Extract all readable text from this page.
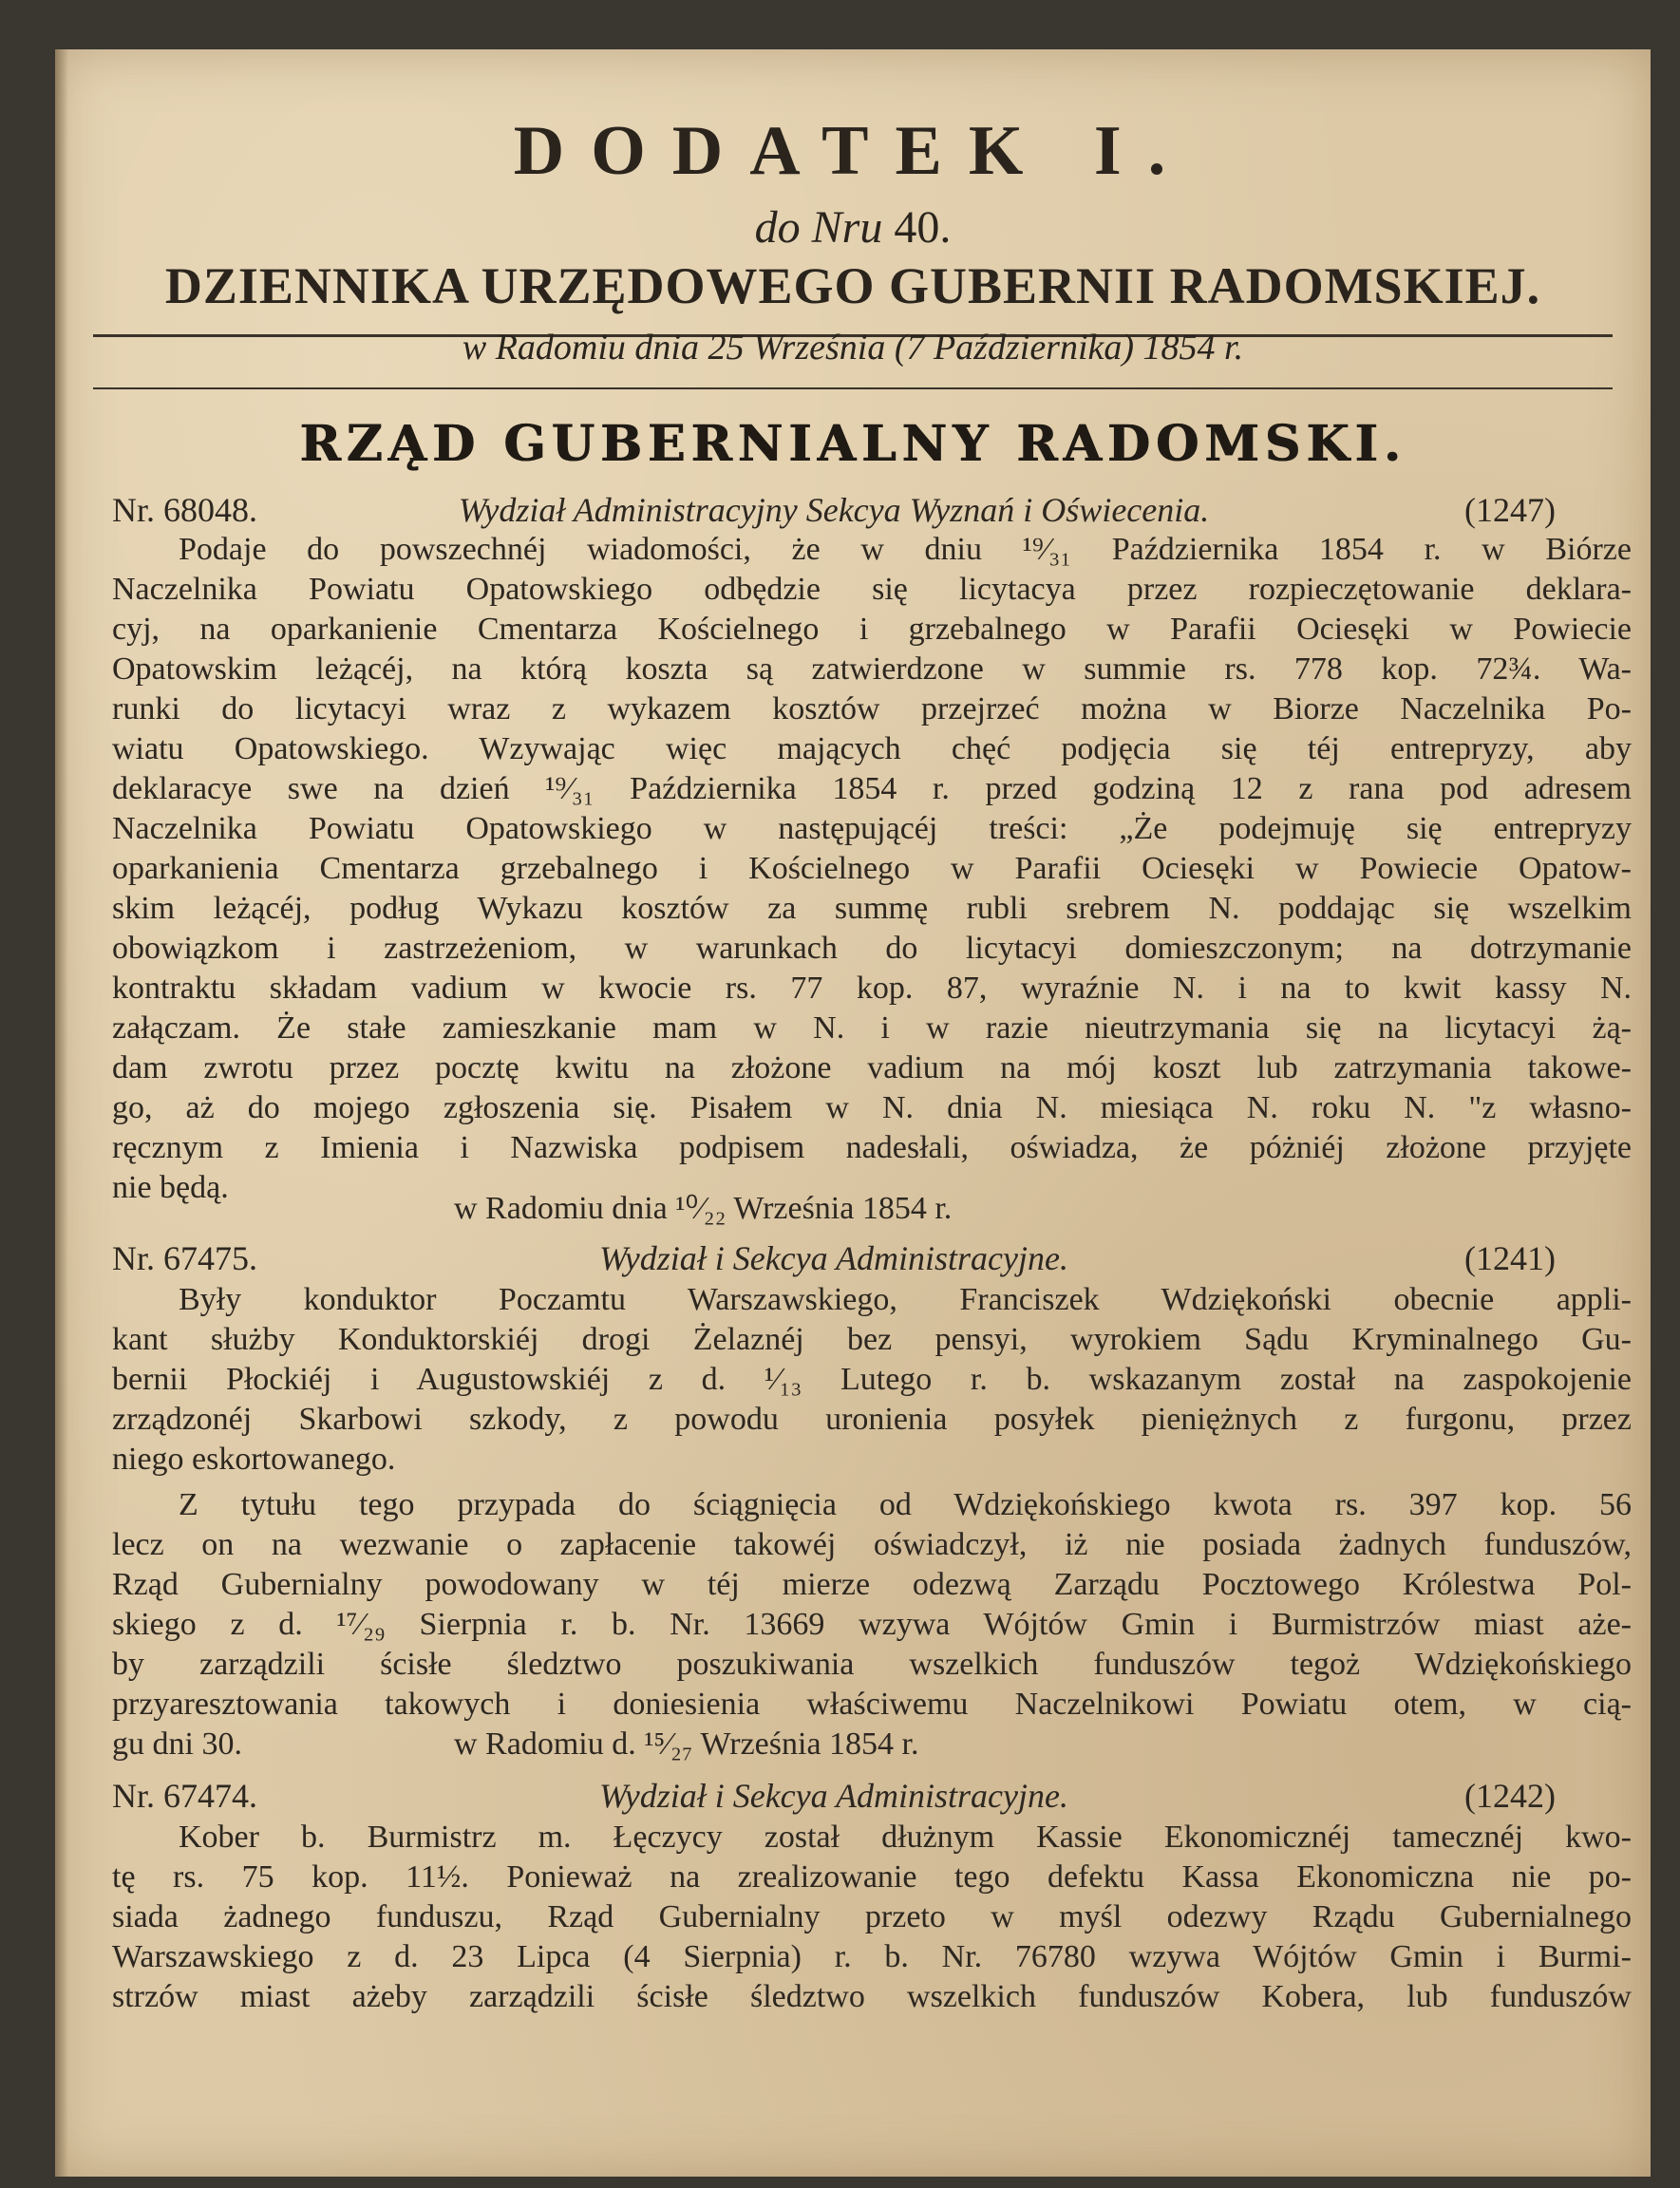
DODATEK I.
do Nru 40.
DZIENNIKA URZĘDOWEGO GUBERNII RADOMSKIEJ.
w Radomiu dnia 25 Września (7 Października) 1854 r.
RZĄD GUBERNIALNY RADOMSKI.
Nr. 68048.	Wydział Administracyjny Sekcya Wyznań i Oświecenia.	(1247)
Podaje do powszechnéj wiadomości, że w dniu ¹⁹⁄₃₁ Października 1854 r. w Biórze
Naczelnika Powiatu Opatowskiego odbędzie się licytacya przez rozpieczętowanie deklara-
cyj, na oparkanienie Cmentarza Kościelnego i grzebalnego w Parafii Ociesęki w Powiecie
Opatowskim leżącéj, na którą koszta są zatwierdzone w summie rs. 778 kop. 72¾. Wa-
runki do licytacyi wraz z wykazem kosztów przejrzeć można w Biorze Naczelnika Po-
wiatu Opatowskiego. Wzywając więc mających chęć podjęcia się téj entrepryzy, aby
deklaracye swe na dzień ¹⁹⁄₃₁ Października 1854 r. przed godziną 12 z rana pod adresem
Naczelnika Powiatu Opatowskiego w następującéj treści: „Że podejmuję się entrepryzy
oparkanienia Cmentarza grzebalnego i Kościelnego w Parafii Ociesęki w Powiecie Opatow-
skim leżącéj, podług Wykazu kosztów za summę rubli srebrem N. poddając się wszelkim
obowiązkom i zastrzeżeniom, w warunkach do licytacyi domieszczonym; na dotrzymanie
kontraktu składam vadium w kwocie rs. 77 kop. 87, wyraźnie N. i na to kwit kassy N.
załączam. Że stałe zamieszkanie mam w N. i w razie nieutrzymania się na licytacyi żą-
dam zwrotu przez pocztę kwitu na złożone vadium na mój koszt lub zatrzymania takowe-
go, aż do mojego zgłoszenia się. Pisałem w N. dnia N. miesiąca N. roku N. "z własno-
ręcznym z Imienia i Nazwiska podpisem nadesłali, oświadza, że póżniéj złożone przyjęte
nie będą.
w Radomiu dnia ¹⁰⁄₂₂ Września 1854 r.
Nr. 67475.	Wydział i Sekcya Administracyjne.	(1241)
Były konduktor Poczamtu Warszawskiego, Franciszek Wdziękoński obecnie appli-
kant służby Konduktorskiéj drogi Żelaznéj bez pensyi, wyrokiem Sądu Kryminalnego Gu-
bernii Płockiéj i Augustowskiéj z d. ¹⁄₁₃ Lutego r. b. wskazanym został na zaspokojenie
zrządzonéj Skarbowi szkody, z powodu uronienia posyłek pieniężnych z furgonu, przez
niego eskortowanego.
Z tytułu tego przypada do ściągnięcia od Wdziękońskiego kwota rs. 397 kop. 56
lecz on na wezwanie o zapłacenie takowéj oświadczył, iż nie posiada żadnych funduszów,
Rząd Gubernialny powodowany w téj mierze odezwą Zarządu Pocztowego Królestwa Pol-
skiego z d. ¹⁷⁄₂₉ Sierpnia r. b. Nr. 13669 wzywa Wójtów Gmin i Burmistrzów miast aże-
by zarządzili ścisłe śledztwo poszukiwania wszelkich funduszów tegoż Wdziękońskiego
przyaresztowania takowych i doniesienia właściwemu Naczelnikowi Powiatu otem, w cią-
gu dni 30.	w Radomiu d. ¹⁵⁄₂₇ Września 1854 r.
Nr. 67474.	Wydział i Sekcya Administracyjne.	(1242)
Kober b. Burmistrz m. Łęczycy został dłużnym Kassie Ekonomicznéj tamecznéj kwo-
tę rs. 75 kop. 11½. Ponieważ na zrealizowanie tego defektu Kassa Ekonomiczna nie po-
siada żadnego funduszu, Rząd Gubernialny przeto w myśl odezwy Rządu Gubernialnego
Warszawskiego z d. 23 Lipca (4 Sierpnia) r. b. Nr. 76780 wzywa Wójtów Gmin i Burmi-
strzów miast ażeby zarządzili ścisłe śledztwo wszelkich funduszów Kobera, lub funduszów
